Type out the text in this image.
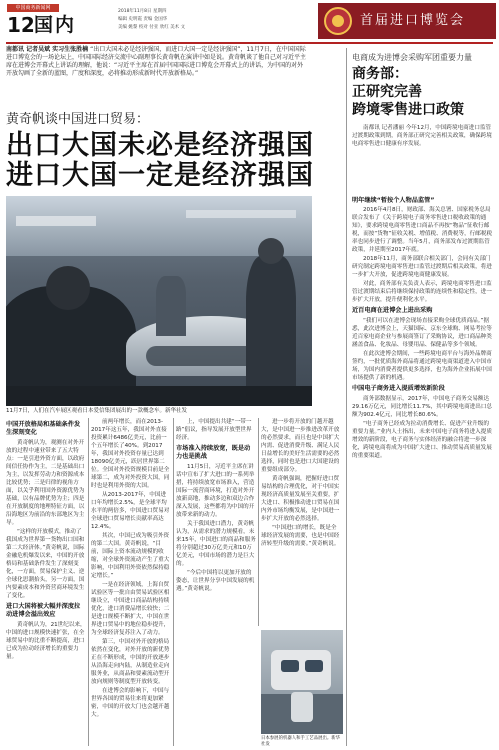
中国商务新闻网
12 国内
2018年11月8日 星期四
编辑 史明霞 责编 金国华
美编 姚黎 校对 付亚 欣红 美术 文	首届进口博览会
南都讯 记者吴斌 实习生张胜楠 “出口大国未必是经济强国，而进口大国一定是经济强国”，11月7日，在中国国际进口博览会的一场论坛上，中国国际经济交流中心副理事长黄奇帆在演讲中如是说。黄奇帆谈了他自己对习近平主席在进博会开幕式上讲话的理解，他说：“习近平主席在首届中国国际进口博览会开幕式上的讲话，为中国的对外开放勾画了全新的蓝图，广度和深度，必将推动形成新时代开放新格局。”
黄奇帆谈中国进口贸易：
出口大国未必是经济强国
进口大国一定是经济强国
11月7日，人们在汽车展区观看日本爱信集团展出的一款概念车。新华社发
中国开放格局和基础条件发生深刻变化

黄奇帆认为，观测在对外开放的过程中速业带来了五大特点：一是引进外资方面，以政府间信任协作为主，二是基础出口为主，以发挥劳动力和资源成本比较优势；三是归律的视角方面，以关乎利用国外资源优势为基础，以有品牌优势为主；四是在开放制度的地理特征方面，以沿海地区为前沿的东部地区为主导。

“这样的开放模式，推动了我国成为世界第一货物出口国和第二大经济体。”黄奇帆说，国际金融危机爆发以来，中国的开放格局和基础条件发生了深刻变化，一方面，贸易保护主义、逆全球化思潮抬头，另一方面，国内要素成本和外资营商环境发生了变化。

进口大国将被大幅并深度拉动进博会溢出效应

黄奇帆认为，21世纪以来，中国的进口规模快速扩张，在全球贸易中的比重不断提高，进口已成为拉动经济增长的重要力量。

前两年增长，而在2013-2017年这五年，我国对外直接投资累计6486亿美元，比前一个五年增长了40%。到2017年，我国对外投资存量已达到18090亿美元，跃居世界第二位。全国对外投资规模目前是全球第二，成为对外投资大国，同时也是利用外资的大国。

从2013-2017年，中国进口年均增长2.5%，是全球平均水平的两倍多，中国进口贸易对全球进口贸易增长贡献率高达12.4%。

其次，中国已成为吸引外资的第二大国。黄奇帆说，“目前，国际上资本流动规模的收缩，对全球外资流动产生了重大影响，中国利用外资依然保持稳定增长。”

一是在经济领域，上海自贸试验区等一批自由贸易试验区相继设立，中国进口商品结构持续优化，进口消费品增长较快；二是进口规模不断扩大，中国在世界进口贸易中的地位稳步提升，为全球经济复苏注入了动力。

第三，中国对外开放的格局依然在变化，对外开放的新优势正在不断形成，中国的开放逐步从沿海走向内陆，从制造业走向服务业，从商品和要素流动型开放向规则等制度型开放转变。

在进博会的影响下，中国与世界各国的贸易往来将更加紧密，中国的开放大门也会越开越大。

上，中国提出共建“一带一路”倡议，指导发展开放型世界经济。

市场准入持续放宽，既是动力也是挑战

11月5日，习近平主席在讲话中宣布了扩大进口的一系列举措，将持续放宽市场准入，营造国际一流营商环境，打造对外开放新高地，推动多边和双边合作深入发展，这些都将为中国的开放带来新的动力。

关于我国进口潜力，黄奇帆认为，从需求的潜力规模看，未来15年，中国进口的商品和服务将分别超过30万亿美元和10万亿美元，中国市场的潜力是巨大的。

“今后中国将以更加开放的姿态，让世界分享中国发展的机遇。”黄奇帆说。

进一步将开放的门越开越大，是中国进一步推进改革开放的必然要求，而且也是中国扩大内需、促进消费升级、满足人民日益增长的美好生活需要的必然选择，同时也是进口大国建设的重要组成部分。

黄奇帆强调，把握好进口贸易结构的合理优化，对于中国实现经济高质量发展至关重要，扩大进口、积极推动进口贸易在国内外市场均衡发展，是中国进一步扩大开放的必然选择。

“中国进口的增长，既是全球经济发展的需要，也是中国经济转型升级的需要。”黄奇帆说。

日本参展的机器人和手工艺品展出。新华社发
电商成为进博会采购军团重要力量
商务部：
正研究完善
跨境零售进口政策

南都讯 记者潘丽 今年12月，中国跨境电商进口监管过渡期政策到期，商务部正研究完善相关政策，确保跨境电商零售进口健康有序发展。

明年继续“暂按个人物品监管”

2016年4月8日，财政部、海关总署、国家税务总局联合发布了《关于跨境电子商务零售进口税收政策的通知》，要求跨境电商零售进口商品不再按“物品”征收行邮税，而按“货物”征收关税、增值税、消费税等，行邮税税率也同步进行了调整。当年5月，商务部发布过渡期监管政策，并延期至2017年底。

2018年11月，商务部联合相关部门，会同有关部门研究制定跨境电商零售进口监管过渡期后相关政策，将进一步扩大开放，促进跨境电商健康发展。

对此，商务部有关负责人表示，跨境电商零售进口监管过渡期结束后将继续保持政策的连续性和稳定性，进一步扩大开放，提升便利化水平。

近百电商在进博会上进出采购

“我们可以在进博会现场直接采购全球优质商品。”据悉，此次进博会上，天猫国际、京东全球购、网易考拉等近百家电商企业与参展商签订了采购协议，进口商品种类涵盖食品、化妆品、母婴用品、保健品等多个领域。

在此次进博会期间，一些跨境电商平台与海外品牌商签约，一批优质海外商品将通过跨境电商渠道进入中国市场，为国内消费者提供更多选择，也为海外企业拓展中国市场提供了新的机遇。

中国电子商务进入提质增效新阶段

商务部数据显示，2017年，中国电子商务交易额达29.16万亿元，同比增长11.7%，其中跨境电商进出口总额为902.4亿元，同比增长80.6%。

“电子商务已经成为拉动消费增长、促进产业升级的重要力量。”业内人士指出，未来中国电子商务将进入提质增效的新阶段，电子商务与实体经济的融合将进一步深化，跨境电商将成为中国扩大进口、推动贸易高质量发展的重要渠道。
